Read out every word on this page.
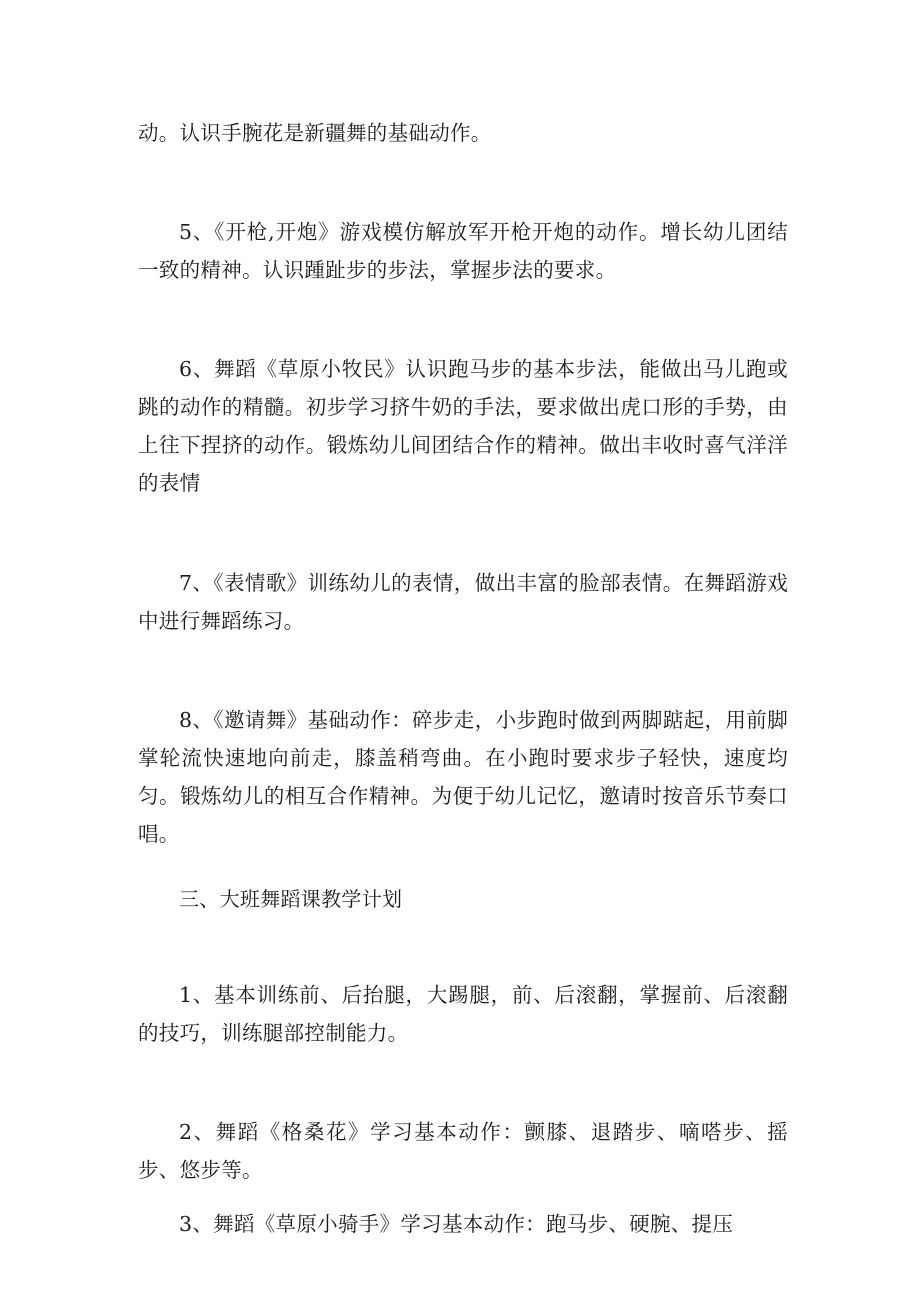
动。认识手腕花是新疆舞的基础动作。

5、《开枪,开炮》游戏模仿解放军开枪开炮的动作。增长幼儿团结一致的精神。认识踵趾步的步法，掌握步法的要求。

6、舞蹈《草原小牧民》认识跑马步的基本步法，能做出马儿跑或跳的动作的精髓。初步学习挤牛奶的手法，要求做出虎口形的手势，由上往下捏挤的动作。锻炼幼儿间团结合作的精神。做出丰收时喜气洋洋的表情

7、《表情歌》训练幼儿的表情，做出丰富的脸部表情。在舞蹈游戏中进行舞蹈练习。

8、《邀请舞》基础动作：碎步走，小步跑时做到两脚踮起，用前脚掌轮流快速地向前走，膝盖稍弯曲。在小跑时要求步子轻快，速度均匀。锻炼幼儿的相互合作精神。为便于幼儿记忆，邀请时按音乐节奏口唱。

三、大班舞蹈课教学计划

1、基本训练前、后抬腿，大踢腿，前、后滚翻，掌握前、后滚翻的技巧，训练腿部控制能力。

2、舞蹈《格桑花》学习基本动作：颤膝、退踏步、嘀嗒步、摇步、悠步等。

3、舞蹈《草原小骑手》学习基本动作：跑马步、硬腕、提压
